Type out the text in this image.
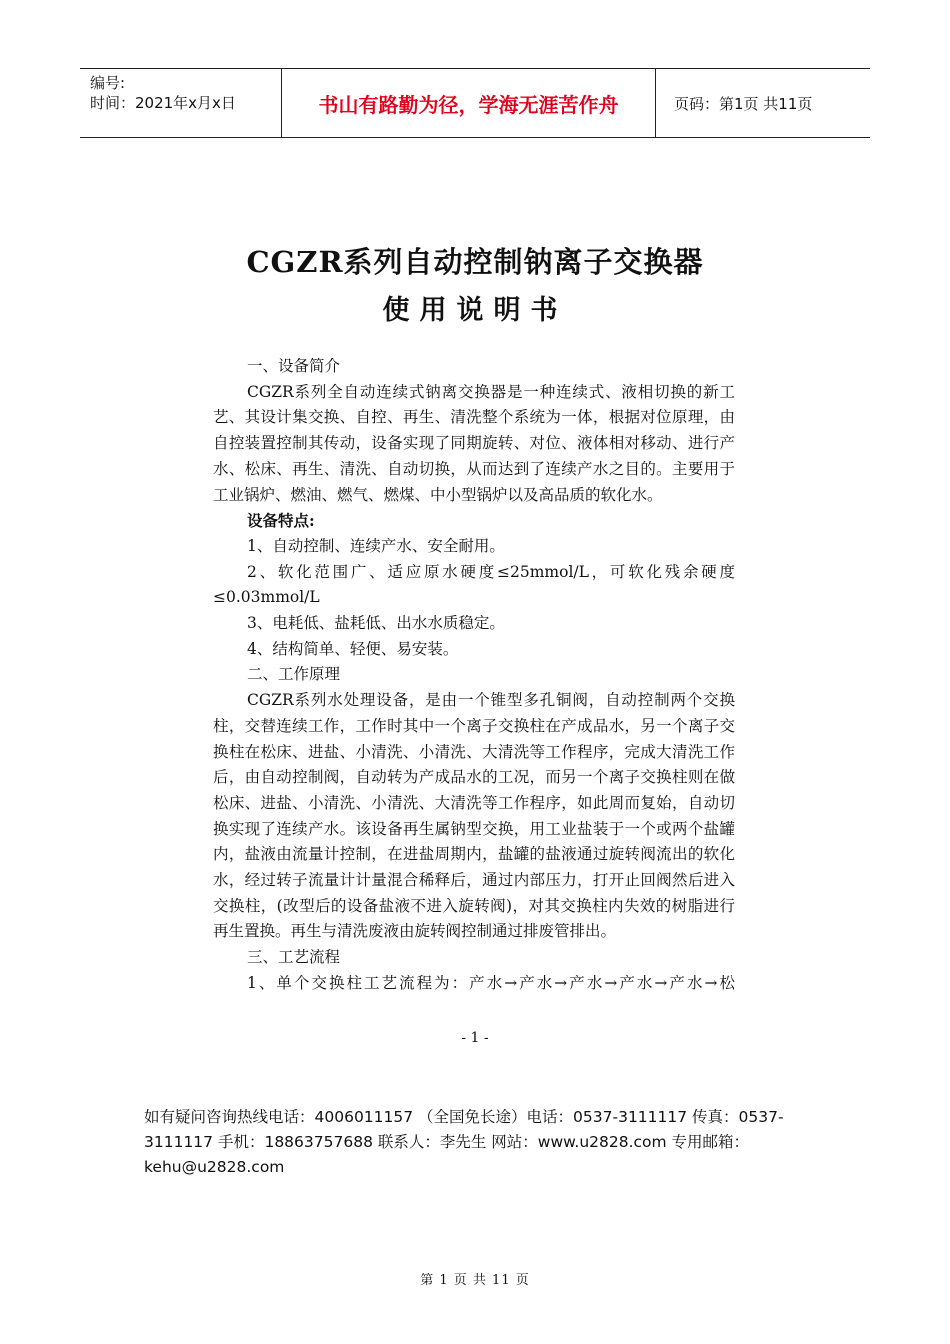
编号:
时间：2021年x月x日	书山有路勤为径，学海无涯苦作舟	页码：第1页 共11页
CGZR系列自动控制钠离子交换器
使用说明书

一、设备简介

CGZR系列全自动连续式钠离交换器是一种连续式、液相切换的新工艺、其设计集交换、自控、再生、清洗整个系统为一体，根据对位原理，由自控装置控制其传动，设备实现了同期旋转、对位、液体相对移动、进行产水、松床、再生、清洗、自动切换，从而达到了连续产水之目的。主要用于工业锅炉、燃油、燃气、燃煤、中小型锅炉以及高品质的软化水。

设备特点:

1、自动控制、连续产水、安全耐用。

2、软化范围广、适应原水硬度≤25mmol/L，可软化残余硬度≤0.03mmol/L

3、电耗低、盐耗低、出水水质稳定。

4、结构简单、轻便、易安装。

二、工作原理

CGZR系列水处理设备，是由一个锥型多孔铜阀，自动控制两个交换柱，交替连续工作，工作时其中一个离子交换柱在产成品水，另一个离子交换柱在松床、进盐、小清洗、小清洗、大清洗等工作程序，完成大清洗工作后，由自动控制阀，自动转为产成品水的工况，而另一个离子交换柱则在做松床、进盐、小清洗、小清洗、大清洗等工作程序，如此周而复始，自动切换实现了连续产水。该设备再生属钠型交换，用工业盐装于一个或两个盐罐内，盐液由流量计控制，在进盐周期内，盐罐的盐液通过旋转阀流出的软化水，经过转子流量计计量混合稀释后，通过内部压力，打开止回阀然后进入交换柱，(改型后的设备盐液不进入旋转阀)，对其交换柱内失效的树脂进行再生置换。再生与清洗废液由旋转阀控制通过排废管排出。

三、工艺流程

1、单个交换柱工艺流程为：产水→产水→产水→产水→产水→松

- 1 -
如有疑问咨询热线电话：4006011157 （全国免长途）电话：0537-3111117 传真：0537-3111117 手机：18863757688 联系人：李先生 网站：www.u2828.com 专用邮箱：kehu@u2828.com
第 1 页 共 11 页
